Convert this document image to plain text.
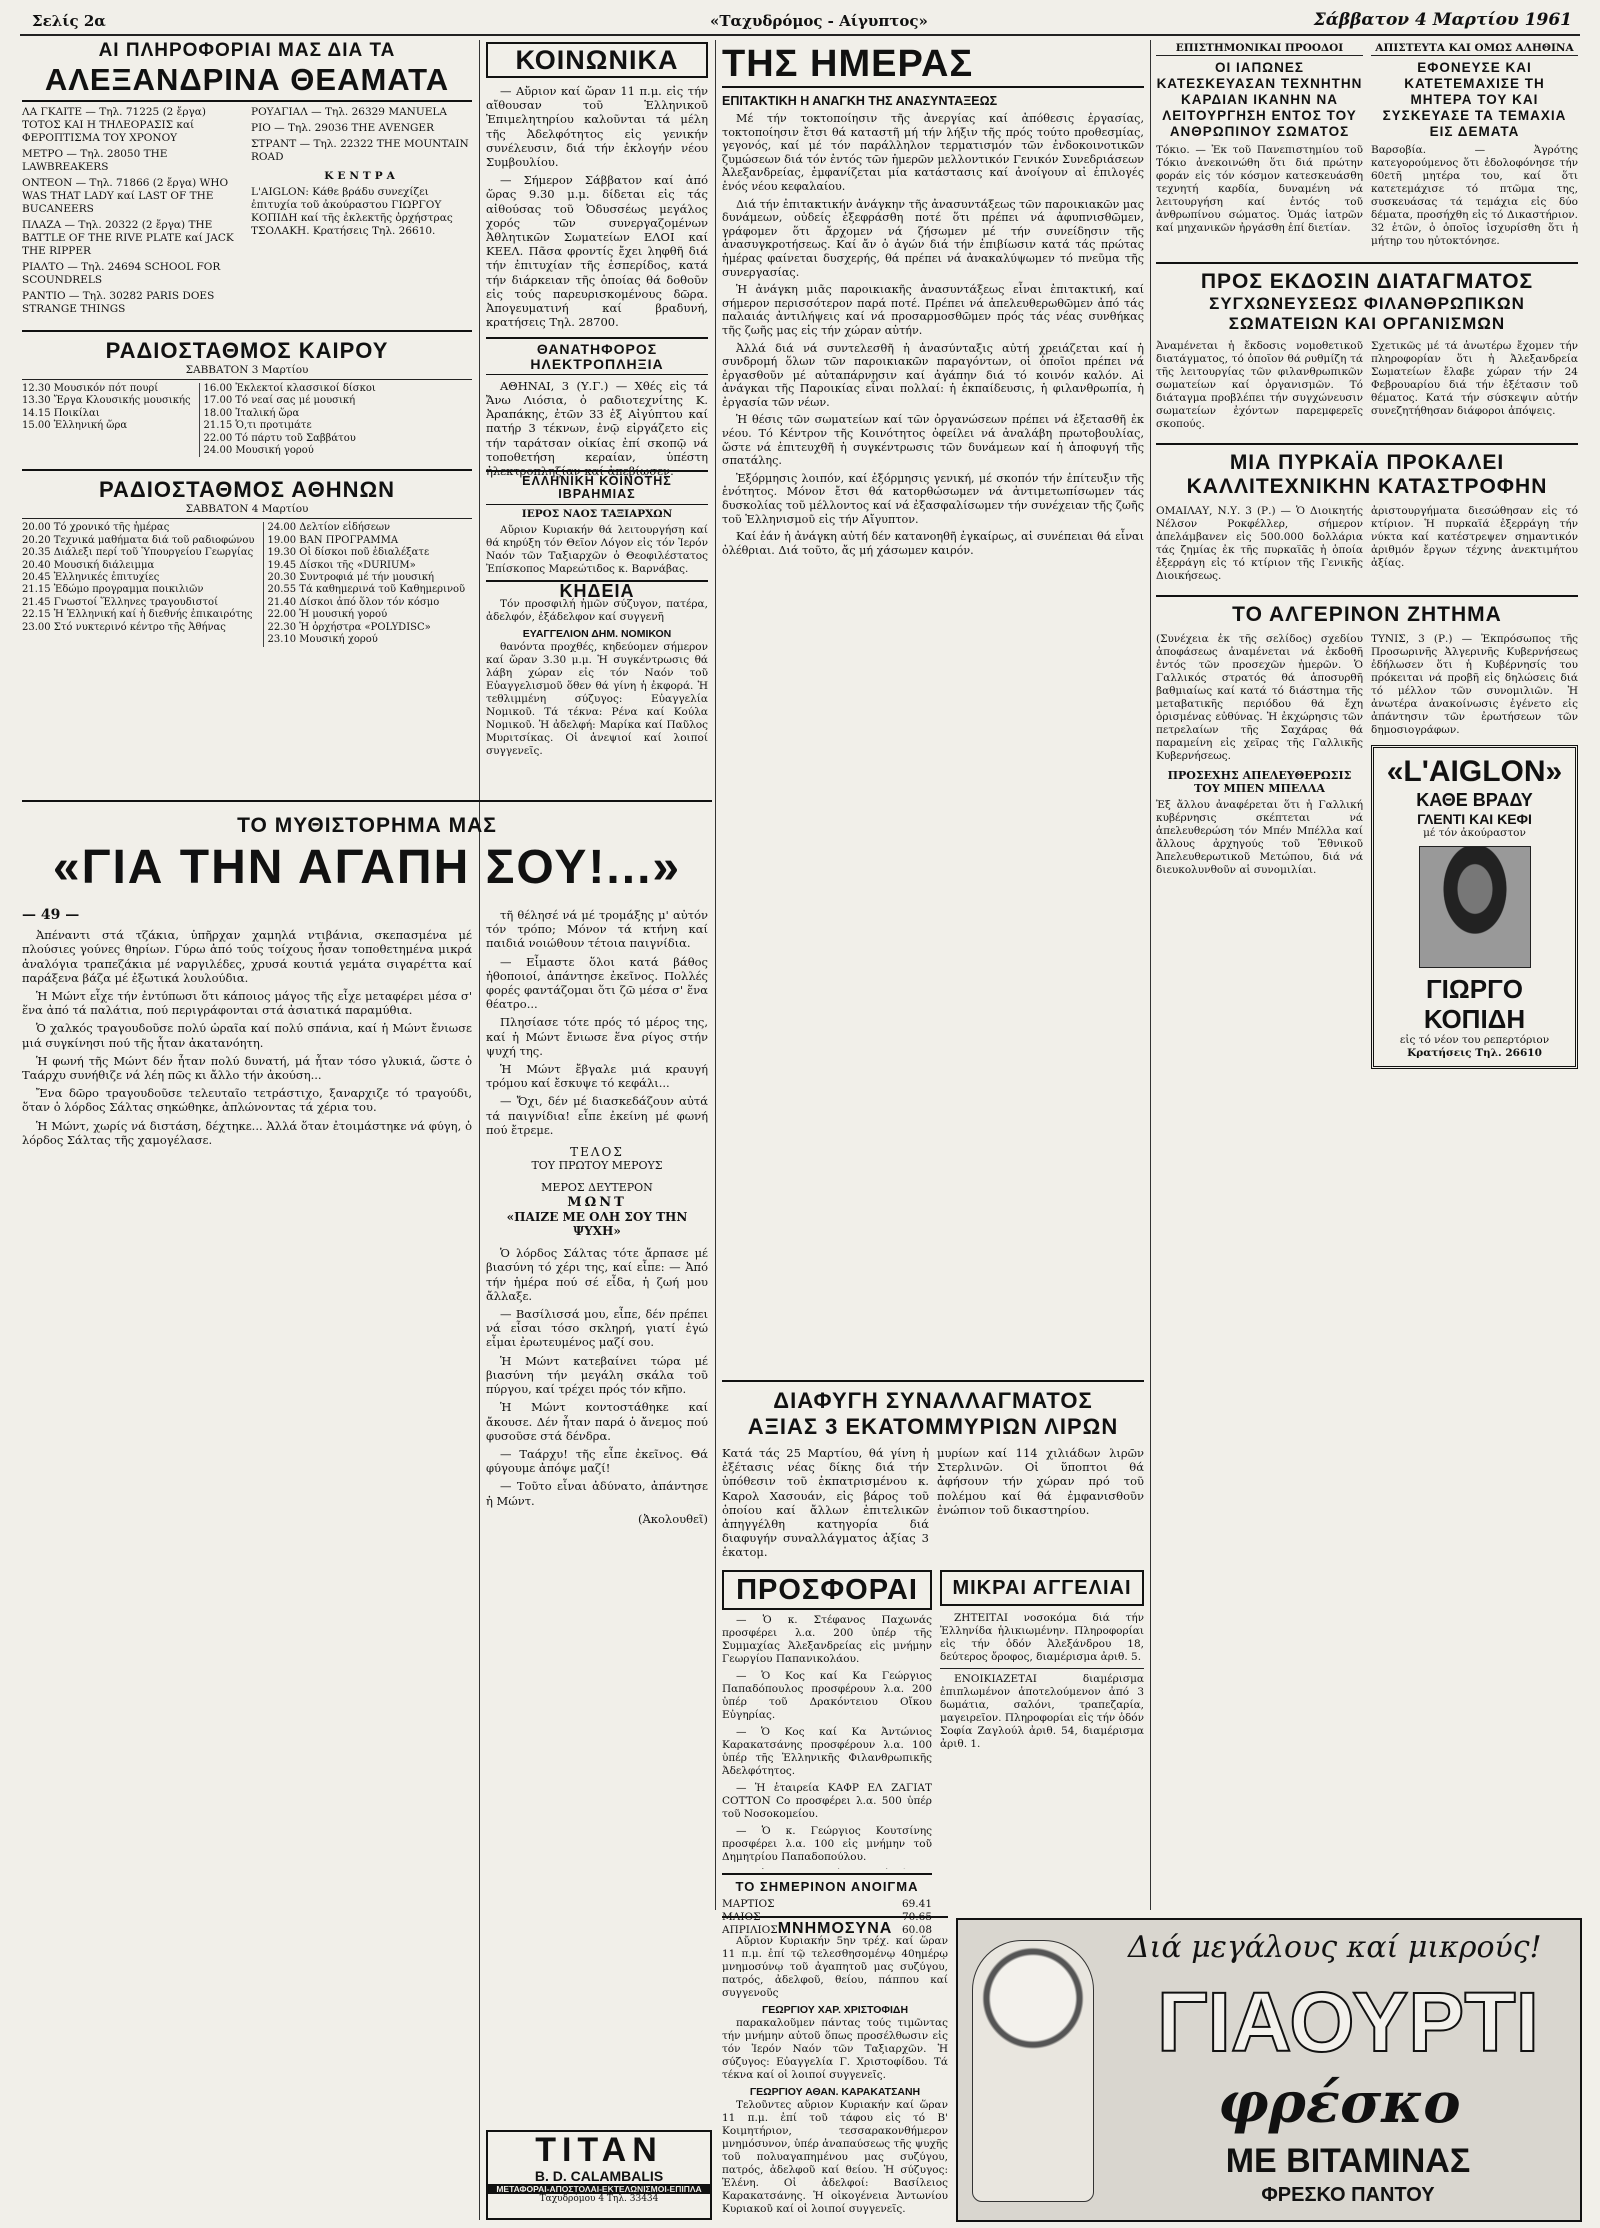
Σελίς 2α	«Ταχυδρόμος - Αίγυπτος»	Σάββατον 4 Μαρτίου 1961
ΑΙ ΠΛΗΡΟΦΟΡΙΑΙ ΜΑΣ ΔΙΑ ΤΑ
ΑΛΕΞΑΝΔΡΙΝΑ ΘΕΑΜΑΤΑ
ΛΑ ΓΚΑΙΤΕ — Τηλ. 71225 (2 ἔργα) ΤΟΤΟΣ ΚΑΙ Η ΤΗΛΕΟΡΑΣΙΣ καί ΦΕΡΟΠΤΙΣΜΑ ΤΟΥ ΧΡΟΝΟΥ
ΜΕΤΡΟ — Τηλ. 28050 THE LAWBREAKERS
ΟΝΤΕΟΝ — Τηλ. 71866 (2 ἔργα) WHO WAS THAT LADY καί LAST OF THE BUCANEERS
ΠΛΑΖΑ — Τηλ. 20322 (2 ἔργα) THE BATTLE OF THE RIVE PLATE καί JACK THE RIPPER
ΡΙΑΛΤΟ — Τηλ. 24694 SCHOOL FOR SCOUNDRELS
ΡΑΝΤΙΟ — Τηλ. 30282 PARIS DOES STRANGE THINGS
ΡΟΥΑΓΙΑΛ — Τηλ. 26329 MANUELA
ΡΙΟ — Τηλ. 29036 THE AVENGER
ΣΤΡΑΝΤ — Τηλ. 22322 THE MOUNTAIN ROAD
ΚΕΝΤΡΑ
L'AIGLON: Κάθε βράδυ συνεχίζει ἐπιτυχία τοῦ ἀκούραστου ΓΙΩΡΓΟΥ ΚΟΠΙΔΗ καί τῆς ἐκλεκτῆς ὀρχήστρας ΤΣΟΛΑΚΗ. Κρατήσεις Τηλ. 26610.
ΡΑΔΙΟΣΤΑΘΜΟΣ ΚΑΙΡΟΥ
ΣΑΒΒΑΤΟΝ 3 Μαρτίου
12.30 Μουσικόν πότ πουρί
13.30 Ἔργα Κλουσικής μουσικής
14.15 Ποικίλαι
15.00 Ἑλληνική ὥρα
16.00 Ἐκλεκτοί κλασσικοί δίσκοι
17.00 Τό νεαί σας μέ μουσική
18.00 Ἰταλική ὥρα
21.15 Ὁ,τι προτιμάτε
22.00 Τό πάρτυ τοῦ Σαββάτου
24.00 Μουσική γορού
ΡΑΔΙΟΣΤΑΘΜΟΣ ΑΘΗΝΩΝ
ΣΑΒΒΑΤΟΝ 4 Μαρτίου
20.00 Τό χρονικό τῆς ἡμέρας
20.20 Τεχνικά μαθήματα διά τοῦ ραδιοφώνου
20.35 Διάλεξι περί τοῦ Ὑπουργείου Γεωργίας
20.40 Μουσική διάλειμμα
20.45 Ἑλληνικές ἐπιτυχίες
21.15 Ἐδώμο προγραμμα ποικιλιῶν
21.45 Γνωστοί Ἕλληνες τραγουδιστοί
22.15 Ἡ Ἑλληνική καί ἡ διεθνής ἐπικαιρότης
23.00 Στό νυκτερινό κέντρο τῆς Ἀθήνας
24.00 Δελτίον εἰδήσεων
19.00 ΒΑΝ ΠΡΟΓΡΑΜΜΑ
19.30 Οἱ δίσκοι ποῦ ἐδιαλέξατε
19.45 Δίσκοι τῆς «DURIUM»
20.30 Συντροφιά μέ τήν μουσική
20.55 Τά καθημερινά τοῦ Καθημερινοῦ
21.40 Δίσκοι ἀπό ὅλον τόν κόσμο
22.00 Ἡ μουσική γορού
22.30 Ἡ ὀρχήστρα «POLYDISC»
23.10 Μουσική χορού
ΤΟ ΜΥΘΙΣΤΟΡΗΜΑ ΜΑΣ
«ΓΙΑ ΤΗΝ ΑΓΑΠΗ ΣΟΥ!...»
— 49 —

Ἀπέναντι στά τζάκια, ὑπῆρχαν χαμηλά ντιβάνια, σκεπασμένα μέ πλούσιες γούνες θηρίων. Γύρω ἀπό τούς τοίχους ἦσαν τοποθετημένα μικρά ἀναλόγια τραπεζάκια μέ ναργιλέδες, χρυσά κουτιά γεμάτα σιγαρέττα καί παράξενα βάζα μέ ἐξωτικά λουλούδια.

Ἡ Μώντ εἶχε τήν ἐντύπωσι ὅτι κάποιος μάγος τῆς εἶχε μεταφέρει μέσα σ' ἕνα ἀπό τά παλάτια, πού περιγράφονται στά ἀσιατικά παραμύθια.

Ὁ χαλκός τραγουδοῦσε πολύ ὡραῖα καί πολύ σπάνια, καί ἡ Μώντ ἔνιωσε μιά συγκίνησι πού τῆς ἦταν ἀκατανόητη.

Ἡ φωνή τῆς Μώντ δέν ἦταν πολύ δυνατή, μά ἦταν τόσο γλυκιά, ὥστε ὁ Ταάρχυ συνήθιζε νά λέη πῶς κι ἄλλο τήν ἀκούση...

Ἔνα δῶρο τραγουδοῦσε τελευταῖο τετράστιχο, ξαναρχιζε τό τραγούδι, ὅταν ὁ λόρδος Σάλτας σηκώθηκε, ἀπλώνοντας τά χέρια του.

Ἡ Μώντ, χωρίς νά διστάση, δέχτηκε... Ἀλλά ὅταν ἐτοιμάστηκε νά φύγη, ὁ λόρδος Σάλτας τῆς χαμογέλασε.

τῆ θέλησέ νά μέ τρομάξης μ' αὐτόν τόν τρόπο; Μόνον τά κτήνη καί παιδιά νοιώθουν τέτοια παιγνίδια.

— Εἶμαστε ὅλοι κατά βάθος ἠθοποιοί, ἀπάντησε ἐκεῖνος. Πολλές φορές φαντάζομαι ὅτι ζῶ μέσα σ' ἕνα θέατρο...

Πλησίασε τότε πρός τό μέρος της, καί ἡ Μώντ ἔνιωσε ἕνα ρίγος στήν ψυχή της.

Ἡ Μώντ ἔβγαλε μιά κραυγή τρόμου καί ἔσκυψε τό κεφάλι...

— Ὄχι, δέν μέ διασκεδάζουν αὐτά τά παιγνίδια! εἶπε ἐκείνη μέ φωνή πού ἔτρεμε.

ΤΕΛΟΣ
ΤΟΥ ΠΡΩΤΟΥ ΜΕΡΟΥΣ
ΜΕΡΟΣ ΔΕΥΤΕΡΟΝ
ΜΩΝΤ
«ΠΑΙΖΕ ΜΕ ΟΛΗ ΣΟΥ ΤΗΝ ΨΥΧΗ»

Ὁ λόρδος Σάλτας τότε ἄρπασε μέ βιασύνη τό χέρι της, καί εἶπε: — Ἀπό τήν ἡμέρα πού σέ εἶδα, ἡ ζωή μου ἄλλαξε.

— Βασίλισσά μου, εἶπε, δέν πρέπει νά εἶσαι τόσο σκληρή, γιατί ἐγώ εἶμαι ἐρωτευμένος μαζί σου.

Ἡ Μώντ κατεβαίνει τώρα μέ βιασύνη τήν μεγάλη σκάλα τοῦ πύργου, καί τρέχει πρός τόν κῆπο.

Ἡ Μώντ κοντοστάθηκε καί ἄκουσε. Δέν ἦταν παρά ὁ ἄνεμος πού φυσοῦσε στά δένδρα.

— Ταάρχυ! τῆς εἶπε ἐκεῖνος. Θά φύγουμε ἀπόψε μαζί!

— Τοῦτο εἶναι ἀδύνατο, ἀπάντησε ἡ Μώντ.

(Ἀκολουθεῖ)
ΚΟΙΝΩΝΙΚΑ

— Αὔριον καί ὥραν 11 π.μ. εἰς τήν αἴθουσαν τοῦ Ἑλληνικοῦ Ἐπιμελητηρίου καλοῦνται τά μέλη τῆς Ἀδελφότητος εἰς γενικήν συνέλευσιν, διά τήν ἐκλογήν νέου Συμβουλίου.

— Σήμερον Σάββατον καί ἀπό ὥρας 9.30 μ.μ. δίδεται εἰς τάς αἰθούσας τοῦ Ὀδυσσέως μεγάλος χορός τῶν συνεργαζομένων Ἀθλητικῶν Σωματείων ΕΛΟΙ καί ΚΕΕΛ. Πᾶσα φροντίς ἔχει ληφθῆ διά τήν ἐπιτυχίαν τῆς ἑσπερίδος, κατά τήν διάρκειαν τῆς ὁποίας θά δοθοῦν εἰς τούς παρευρισκομένους δῶρα. Ἀπογευματινή καί βραδυνή, κρατήσεις Τηλ. 28700.

ΘΑΝΑΤΗΦΟΡΟΣ ΗΛΕΚΤΡΟΠΛΗΞΙΑ

ΑΘΗΝΑΙ, 3 (Υ.Γ.) — Χθές εἰς τά Ἄνω Λιόσια, ὁ ραδιοτεχνίτης Κ. Ἀραπάκης, ἐτῶν 33 ἐξ Αἰγύπτου καί πατήρ 3 τέκνων, ἐνῷ εἰργάζετο εἰς τήν ταράτσαν οἰκίας ἐπί σκοπῷ νά τοποθετήση κεραίαν, ὑπέστη ἠλεκτροπληξίαν καί ἀπεβίωσεν.

ΤΗΣ ΗΜΕΡΑΣ
ΕΠΙΤΑΚΤΙΚΗ Η ΑΝΑΓΚΗ ΤΗΣ ΑΝΑΣΥΝΤΑΞΕΩΣ

Μέ τήν τοκτοποίησιν τῆς ἀνεργίας καί ἀπόθεσις ἐργασίας, τοκτοποίησιν ἔτσι θά καταστῆ μή τήν λήξιν τῆς πρός τούτο προθεσμίας, γεγονός, καί μέ τόν παράλληλον τερματισμόν τῶν ἐνδοκοινοτικῶν ζυμώσεων διά τόν ἐντός τῶν ἡμερῶν μελλοντικόν Γενικόν Συνεδριάσεων Ἀλεξανδρείας, ἐμφανίζεται μία κατάστασις καί ἀνοίγουν αἱ ἐπιλογές ἑνός νέου κεφαλαίου.

Διά τήν ἐπιτακτικήν ἀνάγκην τῆς ἀνασυντάξεως τῶν παροικιακῶν μας δυνάμεων, οὐδείς ἐξεφράσθη ποτέ ὅτι πρέπει νά ἀφυπνισθῶμεν, γράφομεν ὅτι ἄρχομεν νά ζήσωμεν μέ τήν συνείδησιν τῆς ἀνασυγκροτήσεως. Καί ἄν ὁ ἀγών διά τήν ἐπιβίωσιν κατά τάς πρώτας ἡμέρας φαίνεται δυσχερής, θά πρέπει νά ἀνακαλύψωμεν τό πνεῦμα τῆς συνεργασίας.

Ἡ ἀνάγκη μιᾶς παροικιακῆς ἀνασυντάξεως εἶναι ἐπιτακτική, καί σήμερον περισσότερον παρά ποτέ. Πρέπει νά ἀπελευθερωθῶμεν ἀπό τάς παλαιάς ἀντιλήψεις καί νά προσαρμοσθῶμεν πρός τάς νέας συνθήκας τῆς ζωῆς μας εἰς τήν χώραν αὐτήν.

Ἀλλά διά νά συντελεσθῆ ἡ ἀνασύνταξις αὐτή χρειάζεται καί ἡ συνδρομή ὅλων τῶν παροικιακῶν παραγόντων, οἱ ὁποῖοι πρέπει νά ἐργασθοῦν μέ αὐταπάρνησιν καί ἀγάπην διά τό κοινόν καλόν. Αἱ ἀνάγκαι τῆς Παροικίας εἶναι πολλαί: ἡ ἐκπαίδευσις, ἡ φιλανθρωπία, ἡ ἐργασία τῶν νέων.

Ἡ θέσις τῶν σωματείων καί τῶν ὀργανώσεων πρέπει νά ἐξετασθῆ ἐκ νέου. Τό Κέντρον τῆς Κοινότητος ὀφείλει νά ἀναλάβη πρωτοβουλίας, ὥστε νά ἐπιτευχθῆ ἡ συγκέντρωσις τῶν δυνάμεων καί ἡ ἀποφυγή τῆς σπατάλης.

Ἐξόρμησις λοιπόν, καί ἐξόρμησις γενική, μέ σκοπόν τήν ἐπίτευξιν τῆς ἑνότητος. Μόνον ἔτσι θά κατορθώσωμεν νά ἀντιμετωπίσωμεν τάς δυσκολίας τοῦ μέλλοντος καί νά ἐξασφαλίσωμεν τήν συνέχειαν τῆς ζωῆς τοῦ Ἑλληνισμοῦ εἰς τήν Αἴγυπτον.

Καί ἐάν ἡ ἀνάγκη αὐτή δέν κατανοηθῆ ἐγκαίρως, αἱ συνέπειαι θά εἶναι ὀλέθριαι. Διά τοῦτο, ἄς μή χάσωμεν καιρόν.

ΔΙΑΦΥΓΗ ΣΥΝΑΛΛΑΓΜΑΤΟΣ
ΑΞΙΑΣ 3 ΕΚΑΤΟΜΜΥΡΙΩΝ ΛΙΡΩΝ
Κατά τάς 25 Μαρτίου, θά γίνη ἡ ἐξέτασις νέας δίκης διά τήν ὑπόθεσιν τοῦ ἐκπατρισμένου κ. Καρολ Χασουάν, εἰς βάρος τοῦ ὁποίου καί ἄλλων ἐπιτελικῶν ἀπηγγέλθη κατηγορία διά διαφυγήν συναλλάγματος ἀξίας 3 ἑκατομ.
μυρίων καί 114 χιλιάδων λιρῶν Στερλινῶν. Οἱ ὕποπτοι θά ἀφήσουν τήν χώραν πρό τοῦ πολέμου καί θά ἐμφανισθοῦν ἐνώπιον τοῦ δικαστηρίου.
ΠΡΟΣΦΟΡΑΙ

— Ὁ κ. Στέφανος Παχωνάς προσφέρει λ.α. 200 ὑπέρ τῆς Συμμαχίας Ἀλεξανδρείας εἰς μνήμην Γεωργίου Παπανικολάου.

— Ὁ Κος καί Κα Γεώργιος Παπαδόπουλος προσφέρουν λ.α. 200 ὑπέρ τοῦ Δρακόντειου Οἴκου Εὐγηρίας.

— Ὁ Κος καί Κα Ἀντώνιος Καρακατσάνης προσφέρουν λ.α. 100 ὑπέρ τῆς Ἑλληνικῆς Φιλανθρωπικῆς Ἀδελφότητος.

— Ἡ ἑταιρεία ΚΑΦΡ ΕΛ ΖΑΓΙΑΤ COTTON Co προσφέρει λ.α. 500 ὑπέρ τοῦ Νοσοκομείου.

— Ὁ κ. Γεώργιος Κουτσίνης προσφέρει λ.α. 100 εἰς μνήμην τοῦ Δημητρίου Παπαδοπούλου.

ΤΟ ΣΗΜΕΡΙΝΟΝ ΑΝΟΙΓΜΑ
ΜΑΡΤΙΟΣ	69.41
ΜΑΙΟΣ	70.65
ΑΠΡΙΛΙΟΣ	60.08
ΜΙΚΡΑΙ ΑΓΓΕΛΙΑΙ

ΖΗΤΕΙΤΑΙ νοσοκόμα διά τήν Ἑλληνίδα ἡλικιωμένην. Πληροφορίαι εἰς τήν ὁδόν Ἀλεξάνδρου 18, δεύτερος ὄροφος, διαμέρισμα ἀριθ. 5.

ΕΝΟΙΚΙΑΖΕΤΑΙ διαμέρισμα ἐπιπλωμένον ἀποτελούμενον ἀπό 3 δωμάτια, σαλόνι, τραπεζαρία, μαγειρεῖον. Πληροφορίαι εἰς τήν ὁδόν Σοφία Ζαγλούλ ἀριθ. 54, διαμέρισμα ἀριθ. 1.

ΕΠΙΣΤΗΜΟΝΙΚΑΙ ΠΡΟΟΔΟΙ
ΟΙ ΙΑΠΩΝΕΣ ΚΑΤΕΣΚΕΥΑΣΑΝ ΤΕΧΝΗΤΗΝ ΚΑΡΔΙΑΝ ΙΚΑΝΗΝ ΝΑ ΛΕΙΤΟΥΡΓΗΣΗ ΕΝΤΟΣ ΤΟΥ ΑΝΘΡΩΠΙΝΟΥ ΣΩΜΑΤΟΣ
Τόκιο. — Ἐκ τοῦ Πανεπιστημίου τοῦ Τόκιο ἀνεκοινώθη ὅτι διά πρώτην φοράν εἰς τόν κόσμον κατεσκευάσθη τεχνητή καρδία, δυναμένη νά λειτουργήση καί ἐντός τοῦ ἀνθρωπίνου σώματος. Ὁμάς ἰατρῶν καί μηχανικῶν ἠργάσθη ἐπί διετίαν.
ΑΠΙΣΤΕΥΤΑ ΚΑΙ ΟΜΩΣ ΑΛΗΘΙΝΑ
ΕΦΟΝΕΥΣΕ ΚΑΙ ΚΑΤΕΤΕΜΑΧΙΣΕ ΤΗ ΜΗΤΕΡΑ ΤΟΥ ΚΑΙ ΣΥΣΚΕΥΑΣΕ ΤΑ ΤΕΜΑΧΙΑ ΕΙΣ ΔΕΜΑΤΑ
Βαρσοβία. — Ἀγρότης κατεγορούμενος ὅτι ἐδολοφόνησε τήν 60ετῆ μητέρα του, καί ὅτι κατετεμάχισε τό πτῶμα της, συσκευάσας τά τεμάχια εἰς δύο δέματα, προσήχθη εἰς τό Δικαστήριον. 32 ἐτῶν, ὁ ὁποῖος ἰσχυρίσθη ὅτι ἡ μήτηρ του ηὐτοκτόνησε.
ΠΡΟΣ ΕΚΔΟΣΙΝ ΔΙΑΤΑΓΜΑΤΟΣ
ΣΥΓΧΩΝΕΥΣΕΩΣ ΦΙΛΑΝΘΡΩΠΙΚΩΝ ΣΩΜΑΤΕΙΩΝ ΚΑΙ ΟΡΓΑΝΙΣΜΩΝ
Ἀναμένεται ἡ ἔκδοσις νομοθετικοῦ διατάγματος, τό ὁποῖον θά ρυθμίζη τά τῆς λειτουργίας τῶν φιλανθρωπικῶν σωματείων καί ὀργανισμῶν. Τό διάταγμα προβλέπει τήν συγχώνευσιν σωματείων ἐχόντων παρεμφερεῖς σκοπούς.
Σχετικῶς μέ τά ἀνωτέρω ἔχομεν τήν πληροφορίαν ὅτι ἡ Ἀλεξανδρεία Σωματείων ἔλαβε χώραν τήν 24 Φεβρουαρίου διά τήν ἐξέτασιν τοῦ θέματος. Κατά τήν σύσκεψιν αὐτήν συνεζητήθησαν διάφοροι ἀπόψεις.
ΜΙΑ ΠΥΡΚΑΪΑ ΠΡΟΚΑΛΕΙ
ΚΑΛΛΙΤΕΧΝΙΚΗΝ ΚΑΤΑΣΤΡΟΦΗΝ
ΟΜΑΙΛΑΥ, Ν.Υ. 3 (Ρ.) — Ὁ Διοικητής Νέλσον Ροκφέλλερ, σήμερον ἀπελάμβανεν εἰς 500.000 δολλάρια τάς ζημίας ἐκ τῆς πυρκαϊᾶς ἡ ὁποία ἐξερράγη εἰς τό κτίριον τῆς Γενικῆς Διοικήσεως.
ἀριστουργήματα διεσώθησαν εἰς τό κτίριον. Ἡ πυρκαϊά ἐξερράγη τήν νύκτα καί κατέστρεψεν σημαντικόν ἀριθμόν ἔργων τέχνης ἀνεκτιμήτου ἀξίας.
ΤΟ ΑΛΓΕΡΙΝΟΝ ΖΗΤΗΜΑ
(Συνέχεια ἐκ τῆς σελίδος) σχεδίου ἀποφάσεως ἀναμένεται νά ἐκδοθῆ ἐντός τῶν προσεχῶν ἡμερῶν. Ὁ Γαλλικός στρατός θά ἀποσυρθῆ βαθμιαίως καί κατά τό διάστημα τῆς μεταβατικῆς περιόδου θά ἔχη ὁρισμένας εὐθύνας. Ἡ ἐκχώρησις τῶν πετρελαίων τῆς Σαχάρας θά παραμείνη εἰς χεῖρας τῆς Γαλλικῆς Κυβερνήσεως.
ΠΡΟΣΕΧΗΣ ΑΠΕΛΕΥΘΕΡΩΣΙΣ ΤΟΥ ΜΠΕΝ ΜΠΕΛΛΑ
Ἐξ ἄλλου ἀναφέρεται ὅτι ἡ Γαλλική κυβέρνησις σκέπτεται νά ἀπελευθερώση τόν Μπέν Μπέλλα καί ἄλλους ἀρχηγούς τοῦ Ἐθνικοῦ Ἀπελευθερωτικοῦ Μετώπου, διά νά διευκολυνθοῦν αἱ συνομιλίαι.
ΤΥΝΙΣ, 3 (Ρ.) — Ἐκπρόσωπος τῆς Προσωρινῆς Ἀλγερινῆς Κυβερνήσεως ἐδήλωσεν ὅτι ἡ Κυβέρνησίς του πρόκειται νά προβῆ εἰς δηλώσεις διά τό μέλλον τῶν συνομιλιῶν. Ἡ ἀνωτέρα ἀνακοίνωσις ἐγένετο εἰς ἀπάντησιν τῶν ἐρωτήσεων τῶν δημοσιογράφων.
«L'AIGLON»
ΚΑΘΕ ΒΡΑΔΥ
ΓΛΕΝΤΙ ΚΑΙ ΚΕΦΙ
μέ τόν ἀκούραστον
ΓΙΩΡΓΟ ΚΟΠΙΔΗ
εἰς τό νέον του ρεπερτόριον
Κρατήσεις Τηλ. 26610
ΕΛΛΗΝΙΚΗ ΚΟΙΝΟΤΗΣ ΙΒΡΑΗΜΙΑΣ
ΙΕΡΟΣ ΝΑΟΣ ΤΑΞΙΑΡΧΩΝ

Αὔριον Κυριακήν θά λειτουργήση καί θά κηρύξη τόν Θεῖον Λόγον εἰς τόν Ἱερόν Ναόν τῶν Ταξιαρχῶν ὁ Θεοφιλέστατος Ἐπίσκοπος Μαρεώτιδος κ. Βαρνάβας.

ΚΗΔΕΙΑ

Τόν προσφιλή ἡμῶν σύζυγον, πατέρα, ἀδελφόν, ἐξάδελφον καί συγγενῆ

ΕΥΑΓΓΕΛΙΟΝ ΔΗΜ. ΝΟΜΙΚΟΝ

θανόντα προχθές, κηδεύομεν σήμερον καί ὥραν 3.30 μ.μ. Ἡ συγκέντρωσις θά λάβη χώραν εἰς τόν Ναόν τοῦ Εὐαγγελισμοῦ ὅθεν θά γίνη ἡ ἐκφορά. Ἡ τεθλιμμένη σύζυγος: Εὐαγγελία Νομικοῦ. Τά τέκνα: Ρένα καί Κούλα Νομικοῦ. Ἡ ἀδελφή: Μαρίκα καί Παῦλος Μυριτσίκας. Οἱ ἀνεψιοί καί λοιποί συγγενεῖς.

Διά μεγάλους καί μικρούς!
ΓΙΑΟΥΡΤΙ
φρέσκο
ΜΕ ΒΙΤΑΜΙΝΑΣ
ΦΡΕΣΚΟ ΠΑΝΤΟΥ
ΜΝΗΜΟΣΥΝΑ

Αὔριον Κυριακήν 5ην τρέχ. καί ὥραν 11 π.μ. ἐπί τῷ τελεσθησομένῳ 40ημέρῳ μνημοσύνῳ τοῦ ἀγαπητοῦ μας συζύγου, πατρός, ἀδελφοῦ, θείου, πάππου καί συγγενοῦς

ΓΕΩΡΓΙΟΥ ΧΑΡ. ΧΡΙΣΤΟΦΙΔΗ

παρακαλοῦμεν πάντας τούς τιμῶντας τήν μνήμην αὐτοῦ ὅπως προσέλθωσιν εἰς τόν Ἱερόν Ναόν τῶν Ταξιαρχῶν. Ἡ σύζυγος: Εὐαγγελία Γ. Χριστοφίδου. Τά τέκνα καί οἱ λοιποί συγγενεῖς.

ΓΕΩΡΓΙΟΥ ΑΘΑΝ. ΚΑΡΑΚΑΤΣΑΝΗ

Τελοῦντες αὔριον Κυριακήν καί ὥραν 11 π.μ. ἐπί τοῦ τάφου εἰς τό Β' Κοιμητήριον, τεσσαρακονθήμερον μνημόσυνον, ὑπέρ ἀναπαύσεως τῆς ψυχῆς τοῦ πολυαγαπημένου μας συζύγου, πατρός, ἀδελφοῦ καί θείου. Ἡ σύζυγος: Ἑλένη. Οἱ ἀδελφοί: Βασίλειος Καρακατσάνης. Ἡ οἰκογένεια Ἀντωνίου Κυριακοῦ καί οἱ λοιποί συγγενεῖς.

TITAN
B. D. CALAMBALIS
ΜΕΤΑΦΟΡΑΙ-ΑΠΟΣΤΟΛΑΙ-ΕΚΤΕΛΩΝΙΣΜΟΙ-ΕΠΙΠΛΑ
Ταχυδρόμου 4 Τηλ. 33434
